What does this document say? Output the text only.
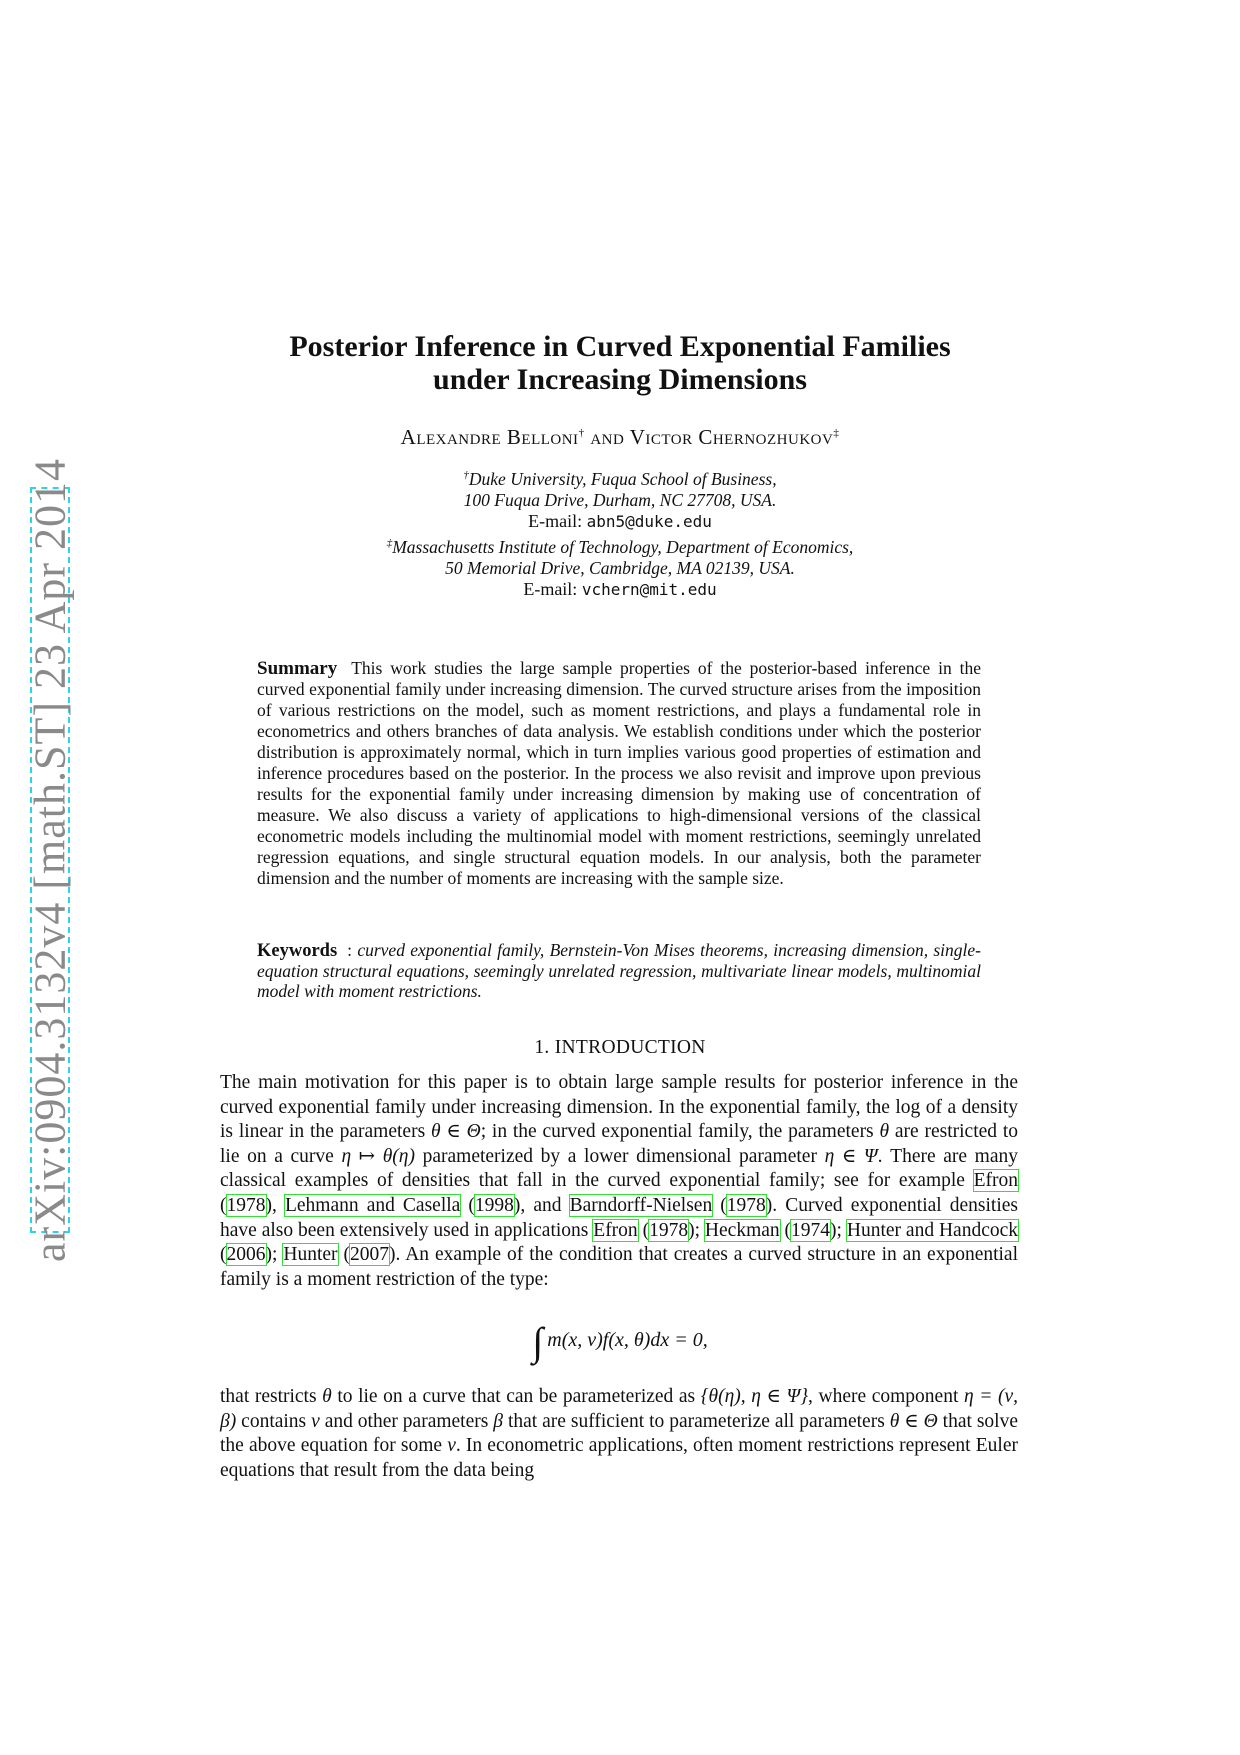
arXiv:0904.3132v4 [math.ST] 23 Apr 2014
Posterior Inference in Curved Exponential Families
under Increasing Dimensions
Alexandre Belloni† and Victor Chernozhukov‡
†Duke University, Fuqua School of Business,
100 Fuqua Drive, Durham, NC 27708, USA.
E-mail: abn5@duke.edu
‡Massachusetts Institute of Technology, Department of Economics,
50 Memorial Drive, Cambridge, MA 02139, USA.
E-mail: vchern@mit.edu
Summary This work studies the large sample properties of the posterior-based inference in the curved exponential family under increasing dimension. The curved structure arises from the imposition of various restrictions on the model, such as moment restrictions, and plays a fundamental role in econometrics and others branches of data analysis. We establish conditions under which the posterior distribution is approximately normal, which in turn implies various good properties of estimation and inference procedures based on the posterior. In the process we also revisit and improve upon previous results for the exponential family under increasing dimension by making use of concentration of measure. We also discuss a variety of applications to high-dimensional versions of the classical econometric models including the multinomial model with moment restrictions, seemingly unrelated regression equations, and single structural equation models. In our analysis, both the parameter dimension and the number of moments are increasing with the sample size.
Keywords : curved exponential family, Bernstein-Von Mises theorems, increasing dimension, single-equation structural equations, seemingly unrelated regression, multivariate linear models, multinomial model with moment restrictions.
1. INTRODUCTION
The main motivation for this paper is to obtain large sample results for posterior inference in the curved exponential family under increasing dimension. In the exponential family, the log of a density is linear in the parameters θ ∈ Θ; in the curved exponential family, the parameters θ are restricted to lie on a curve η ↦ θ(η) parameterized by a lower dimensional parameter η ∈ Ψ. There are many classical examples of densities that fall in the curved exponential family; see for example Efron (1978), Lehmann and Casella (1998), and Barndorff-Nielsen (1978). Curved exponential densities have also been extensively used in applications Efron (1978); Heckman (1974); Hunter and Handcock (2006); Hunter (2007). An example of the condition that creates a curved structure in an exponential family is a moment restriction of the type:
∫ m(x, ν)f(x, θ)dx = 0,
that restricts θ to lie on a curve that can be parameterized as {θ(η), η ∈ Ψ}, where component η = (ν, β) contains ν and other parameters β that are sufficient to parameterize all parameters θ ∈ Θ that solve the above equation for some ν. In econometric applications, often moment restrictions represent Euler equations that result from the data being
